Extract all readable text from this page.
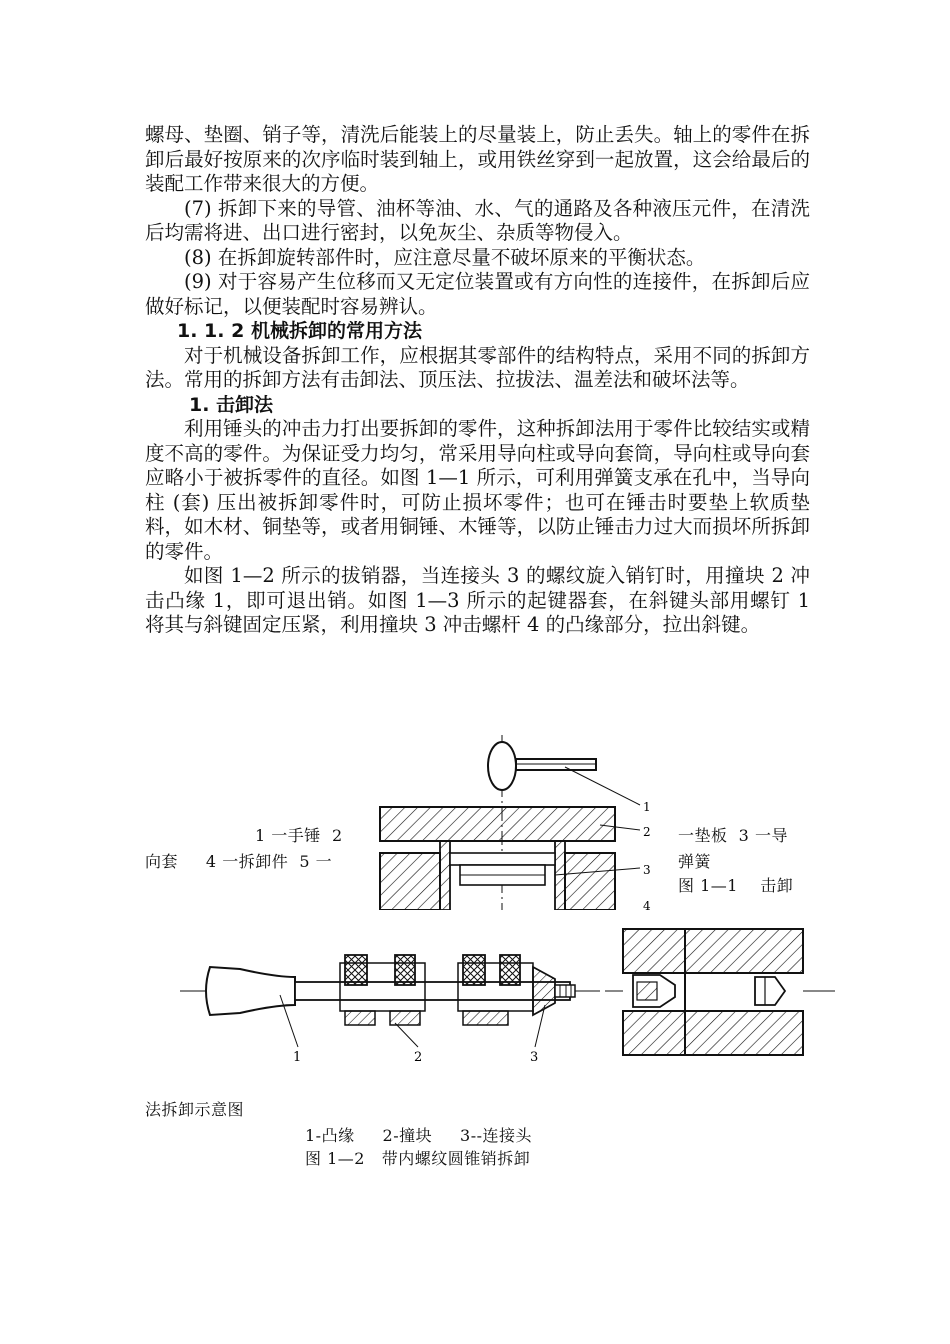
螺母、垫圈、销子等，清洗后能装上的尽量装上，防止丢失。轴上的零件在拆卸后最好按原来的次序临时装到轴上，或用铁丝穿到一起放置，这会给最后的装配工作带来很大的方便。

(7) 拆卸下来的导管、油杯等油、水、气的通路及各种液压元件，在清洗后均需将进、出口进行密封，以免灰尘、杂质等物侵入。

(8) 在拆卸旋转部件时，应注意尽量不破坏原来的平衡状态。

(9) 对于容易产生位移而又无定位装置或有方向性的连接件，在拆卸后应做好标记，以便装配时容易辨认。

1. 1. 2 机械拆卸的常用方法

对于机械设备拆卸工作，应根据其零部件的结构特点，采用不同的拆卸方法。常用的拆卸方法有击卸法、顶压法、拉拔法、温差法和破坏法等。

1. 击卸法

利用锤头的冲击力打出要拆卸的零件，这种拆卸法用于零件比较结实或精度不高的零件。为保证受力均匀，常采用导向柱或导向套筒，导向柱或导向套应略小于被拆零件的直径。如图 1—1 所示，可利用弹簧支承在孔中，当导向柱 (套) 压出被拆卸零件时，可防止损坏零件；也可在锤击时要垫上软质垫料，如木材、铜垫等，或者用铜锤、木锤等，以防止锤击力过大而损坏所拆卸的零件。

如图 1—2 所示的拔销器，当连接头 3 的螺纹旋入销钉时，用撞块 2 冲击凸缘 1，即可退出销。如图 1—3 所示的起键器套，在斜键头部用螺钉 1 将其与斜键固定压紧，利用撞块 3 冲击螺杆 4 的凸缘部分，拉出斜键。

1
2
3
4
1 一手锤  2
向套     4 一拆卸件  5 一
一垫板  3 一导
弹簧
图 1—1    击卸
1	2	3
法拆卸示意图
1-凸缘     2-撞块     3--连接头
图 1—2   带内螺纹圆锥销拆卸
